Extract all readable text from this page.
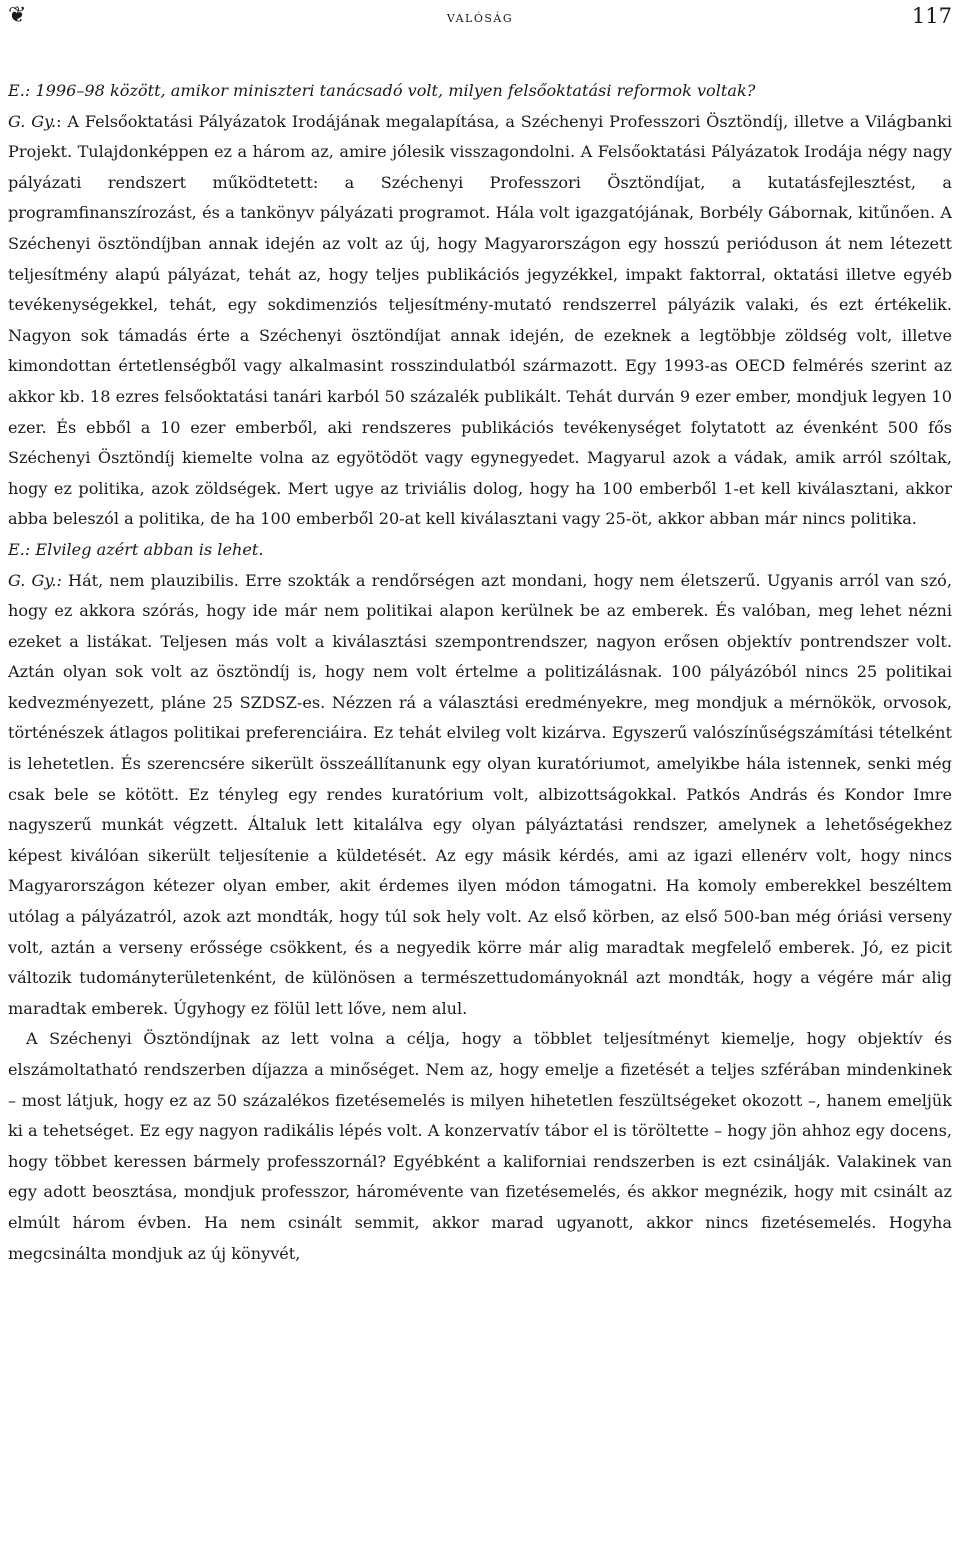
❦	valóság	117

E.: 1996–98 között, amikor miniszteri tanácsadó volt, milyen felsőoktatási reformok voltak?

G. Gy.: A Felsőoktatási Pályázatok Irodájának megalapítása, a Széchenyi Professzori Ösztöndíj, illetve a Világbanki Projekt. Tulajdonképpen ez a három az, amire jólesik visszagondolni. A Felsőoktatási Pályázatok Irodája négy nagy pályázati rendszert működtetett: a Széchenyi Professzori Ösztöndíjat, a kutatásfejlesztést, a programfinanszírozást, és a tankönyv pályázati programot. Hála volt igazgatójának, Borbély Gábornak, kitűnően. A Széchenyi ösztöndíjban annak idején az volt az új, hogy Magyarországon egy hosszú perióduson át nem létezett teljesítmény alapú pályázat, tehát az, hogy teljes publikációs jegyzékkel, impakt faktorral, oktatási illetve egyéb tevékenységekkel, tehát, egy sokdimenziós teljesítmény-mutató rendszerrel pályázik valaki, és ezt értékelik. Nagyon sok támadás érte a Széchenyi ösztöndíjat annak idején, de ezeknek a legtöbbje zöldség volt, illetve kimondottan értetlenségből vagy alkalmasint rosszindulatból származott. Egy 1993-as OECD felmérés szerint az akkor kb. 18 ezres felsőoktatási tanári karból 50 százalék publikált. Tehát durván 9 ezer ember, mondjuk legyen 10 ezer. És ebből a 10 ezer emberből, aki rendszeres publikációs tevékenységet folytatott az évenként 500 fős Széchenyi Ösztöndíj kiemelte volna az egyötödöt vagy egynegyedet. Magyarul azok a vádak, amik arról szóltak, hogy ez politika, azok zöldségek. Mert ugye az triviális dolog, hogy ha 100 emberből 1-et kell kiválasztani, akkor abba beleszól a politika, de ha 100 emberből 20-at kell kiválasztani vagy 25-öt, akkor abban már nincs politika.

E.: Elvileg azért abban is lehet.

G. Gy.: Hát, nem plauzibilis. Erre szokták a rendőrségen azt mondani, hogy nem életszerű. Ugyanis arról van szó, hogy ez akkora szórás, hogy ide már nem politikai alapon kerülnek be az emberek. És valóban, meg lehet nézni ezeket a listákat. Teljesen más volt a kiválasztási szempontrendszer, nagyon erősen objektív pontrendszer volt. Aztán olyan sok volt az ösztöndíj is, hogy nem volt értelme a politizálásnak. 100 pályázóból nincs 25 politikai kedvezményezett, pláne 25 SZDSZ-es. Nézzen rá a választási eredményekre, meg mondjuk a mérnökök, orvosok, történészek átlagos politikai preferenciáira. Ez tehát elvileg volt kizárva. Egyszerű valószínűségszámítási tételként is lehetetlen. És szerencsére sikerült összeállítanunk egy olyan kuratóriumot, amelyikbe hála istennek, senki még csak bele se kötött. Ez tényleg egy rendes kuratórium volt, albizottságokkal. Patkós András és Kondor Imre nagyszerű munkát végzett. Általuk lett kitalálva egy olyan pályáztatási rendszer, amelynek a lehetőségekhez képest kiválóan sikerült teljesítenie a küldetését. Az egy másik kérdés, ami az igazi ellenérv volt, hogy nincs Magyarországon kétezer olyan ember, akit érdemes ilyen módon támogatni. Ha komoly emberekkel beszéltem utólag a pályázatról, azok azt mondták, hogy túl sok hely volt. Az első körben, az első 500-ban még óriási verseny volt, aztán a verseny erőssége csökkent, és a negyedik körre már alig maradtak megfelelő emberek. Jó, ez picit változik tudományterületenként, de különösen a természettudományoknál azt mondták, hogy a végére már alig maradtak emberek. Úgyhogy ez fölül lett lőve, nem alul.

A Széchenyi Ösztöndíjnak az lett volna a célja, hogy a többlet teljesítményt kiemelje, hogy objektív és elszámoltatható rendszerben díjazza a minőséget. Nem az, hogy emelje a fizetését a teljes szférában mindenkinek – most látjuk, hogy ez az 50 százalékos fizetésemelés is milyen hihetetlen feszültségeket okozott –, hanem emeljük ki a tehetséget. Ez egy nagyon radikális lépés volt. A konzervatív tábor el is töröltette – hogy jön ahhoz egy docens, hogy többet keressen bármely professzornál? Egyébként a kaliforniai rendszerben is ezt csinálják. Valakinek van egy adott beosztása, mondjuk professzor, háromévente van fizetésemelés, és akkor megnézik, hogy mit csinált az elmúlt három évben. Ha nem csinált semmit, akkor marad ugyanott, akkor nincs fizetésemelés. Hogyha megcsinálta mondjuk az új könyvét,
